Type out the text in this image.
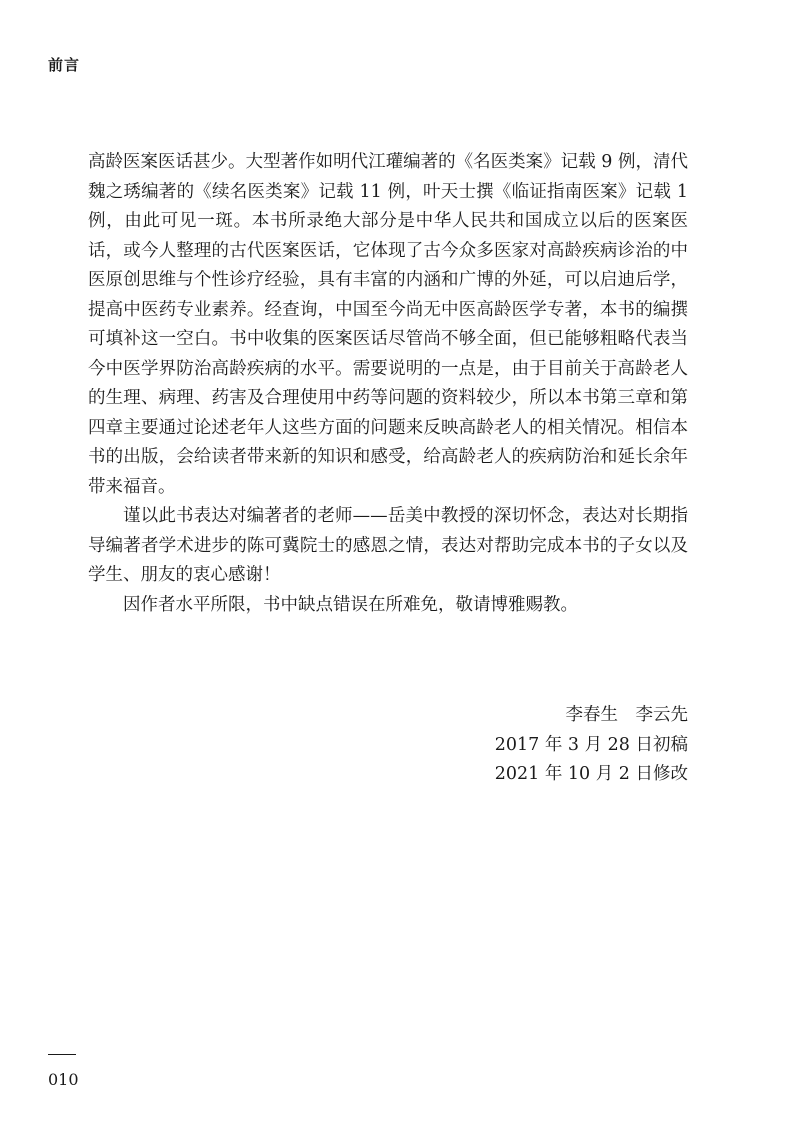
前言

高龄医案医话甚少。大型著作如明代江瓘编著的《名医类案》记载 9 例，清代魏之琇编著的《续名医类案》记载 11 例，叶天士撰《临证指南医案》记载 1 例，由此可见一斑。本书所录绝大部分是中华人民共和国成立以后的医案医话，或今人整理的古代医案医话，它体现了古今众多医家对高龄疾病诊治的中医原创思维与个性诊疗经验，具有丰富的内涵和广博的外延，可以启迪后学，提高中医药专业素养。经查询，中国至今尚无中医高龄医学专著，本书的编撰可填补这一空白。书中收集的医案医话尽管尚不够全面，但已能够粗略代表当今中医学界防治高龄疾病的水平。需要说明的一点是，由于目前关于高龄老人的生理、病理、药害及合理使用中药等问题的资料较少，所以本书第三章和第四章主要通过论述老年人这些方面的问题来反映高龄老人的相关情况。相信本书的出版，会给读者带来新的知识和感受，给高龄老人的疾病防治和延长余年带来福音。

谨以此书表达对编著者的老师——岳美中教授的深切怀念，表达对长期指导编著者学术进步的陈可冀院士的感恩之情，表达对帮助完成本书的子女以及学生、朋友的衷心感谢！

因作者水平所限，书中缺点错误在所难免，敬请博雅赐教。

李春生　李云先
2017 年 3 月 28 日初稿
2021 年 10 月 2 日修改
010
